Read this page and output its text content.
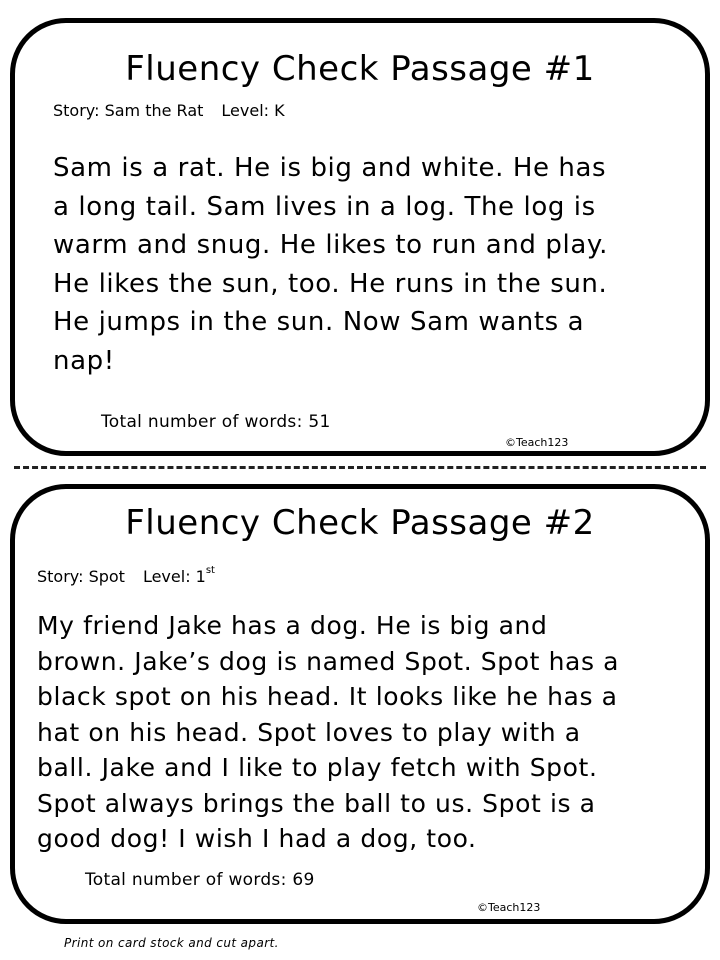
Fluency Check Passage #1
Story: Sam the Rat Level: K
Sam is a rat. He is big and white. He has
a long tail. Sam lives in a log. The log is
warm and snug. He likes to run and play.
He likes the sun, too. He runs in the sun.
He jumps in the sun. Now Sam wants a
nap!
Total number of words: 51
©Teach123
Fluency Check Passage #2
Story: Spot Level: 1st
My friend Jake has a dog. He is big and
brown. Jake’s dog is named Spot. Spot has a
black spot on his head. It looks like he has a
hat on his head. Spot loves to play with a
ball. Jake and I like to play fetch with Spot.
Spot always brings the ball to us. Spot is a
good dog! I wish I had a dog, too.
Total number of words: 69
©Teach123
Print on card stock and cut apart.
